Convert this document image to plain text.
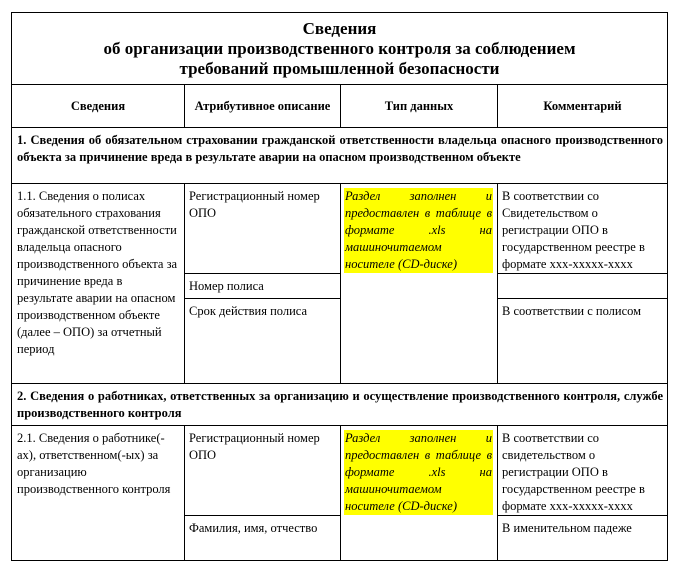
Сведения
об организации производственного контроля за соблюдением
требований промышленной безопасности			

Сведения	Атрибутивное описание	Тип данных	Комментарий
1. Сведения об обязательном страховании гражданской ответственности владельца опасного производственного объекта за причинение вреда в результате аварии на опасном производственном объекте			
1.1. Сведения о полисах обязательного страхования гражданской ответственности владельца опасного производственного объекта за причинение вреда в результате аварии на опасном производственном объекте (далее – ОПО) за отчетный период	Регистрационный номер ОПО	Раздел заполнен и предоставлен в таблице в формате .xls на машиночитаемом носителе (CD-диске)	В соответствии со Свидетельством о регистрации ОПО в государственном реестре в формате ххх-ххххх-хххх
	Номер полиса		
	Срок действия полиса		В соответствии с полисом
2. Сведения о работниках, ответственных за организацию и осуществление производственного контроля, службе производственного контроля			
2.1. Сведения о работнике(-ах), ответственном(-ых) за организацию производственного контроля	Регистрационный номер ОПО	Раздел заполнен и предоставлен в таблице в формате .xls на машиночитаемом носителе (CD-диске)	В соответствии со свидетельством о регистрации ОПО в государственном реестре в формате ххх-ххххх-хххх
	Фамилия, имя, отчество		В именительном падеже
